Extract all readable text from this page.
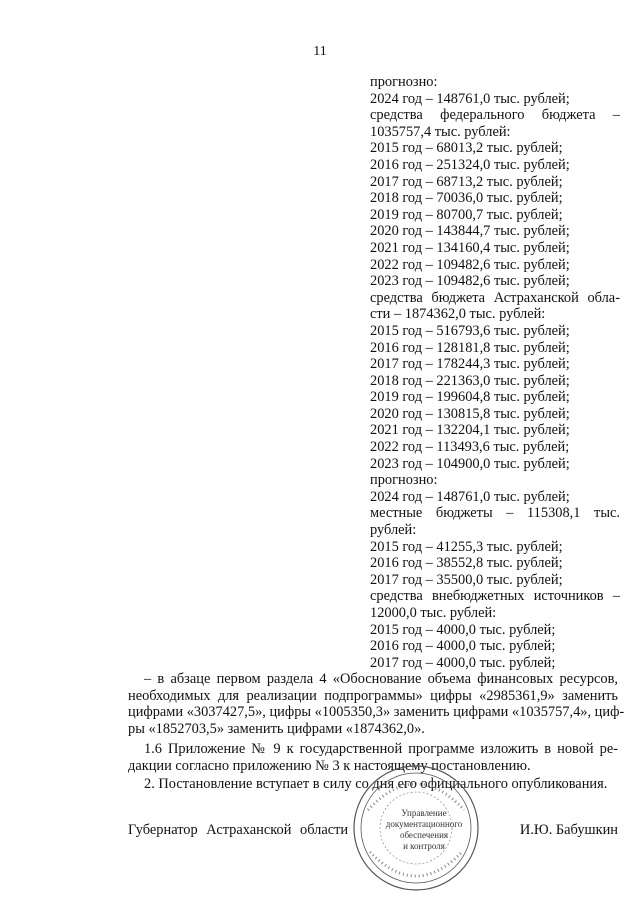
11
прогнозно:
2024 год – 148761,0 тыс. рублей;
средства федерального бюджета –
1035757,4 тыс. рублей:
2015 год – 68013,2 тыс. рублей;
2016 год – 251324,0 тыс. рублей;
2017 год – 68713,2 тыс. рублей;
2018 год – 70036,0 тыс. рублей;
2019 год – 80700,7 тыс. рублей;
2020 год – 143844,7 тыс. рублей;
2021 год – 134160,4 тыс. рублей;
2022 год – 109482,6 тыс. рублей;
2023 год – 109482,6 тыс. рублей;
средства бюджета Астраханской обла-
сти – 1874362,0 тыс. рублей:
2015 год – 516793,6 тыс. рублей;
2016 год – 128181,8 тыс. рублей;
2017 год – 178244,3 тыс. рублей;
2018 год – 221363,0 тыс. рублей;
2019 год – 199604,8 тыс. рублей;
2020 год – 130815,8 тыс. рублей;
2021 год – 132204,1 тыс. рублей;
2022 год – 113493,6 тыс. рублей;
2023 год – 104900,0 тыс. рублей;
прогнозно:
2024 год – 148761,0 тыс. рублей;
местные бюджеты – 115308,1 тыс.
рублей:
2015 год – 41255,3 тыс. рублей;
2016 год – 38552,8 тыс. рублей;
2017 год – 35500,0 тыс. рублей;
средства внебюджетных источников –
12000,0 тыс. рублей:
2015 год – 4000,0 тыс. рублей;
2016 год – 4000,0 тыс. рублей;
2017 год – 4000,0 тыс. рублей;
– в абзаце первом раздела 4 «Обоснование объема финансовых ресурсов,
необходимых для реализации подпрограммы» цифры «2985361,9» заменить
цифрами «3037427,5», цифры «1005350,3» заменить цифрами «1035757,4», циф-
ры «1852703,5» заменить цифрами «1874362,0».
1.6 Приложение № 9 к государственной программе изложить в новой ре-
дакции согласно приложению № 3 к настоящему постановлению.
2. Постановление вступает в силу со дня его официального опубликования.
Губернатор Астраханской области	И.Ю. Бабушкин
Управление
документационного
обеспечения
и контроля
